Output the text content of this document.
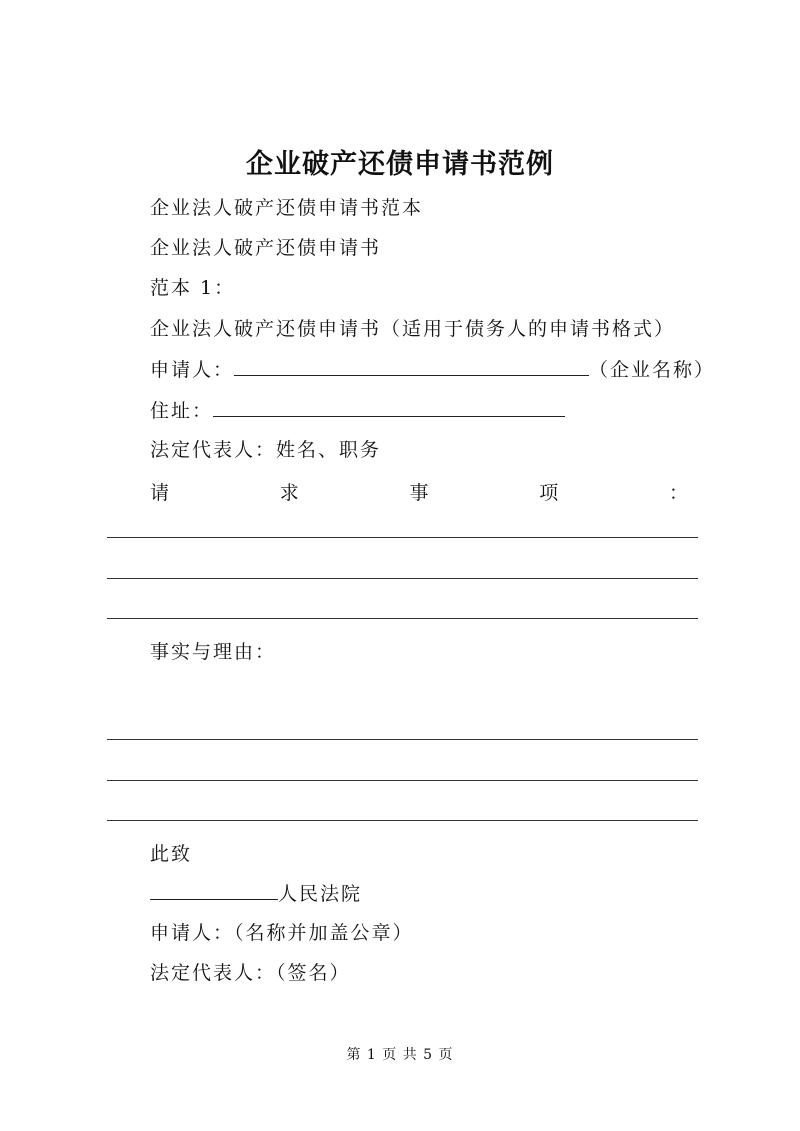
企业破产还债申请书范例
企业法人破产还债申请书范本
企业法人破产还债申请书
范本 1：
企业法人破产还债申请书（适用于债务人的申请书格式）
申请人：	（企业名称）
住址：
法定代表人：姓名、职务
请	求	事	项	：
事实与理由：
此致
人民法院
申请人：（名称并加盖公章）
法定代表人：（签名）
第 1 页 共 5 页
